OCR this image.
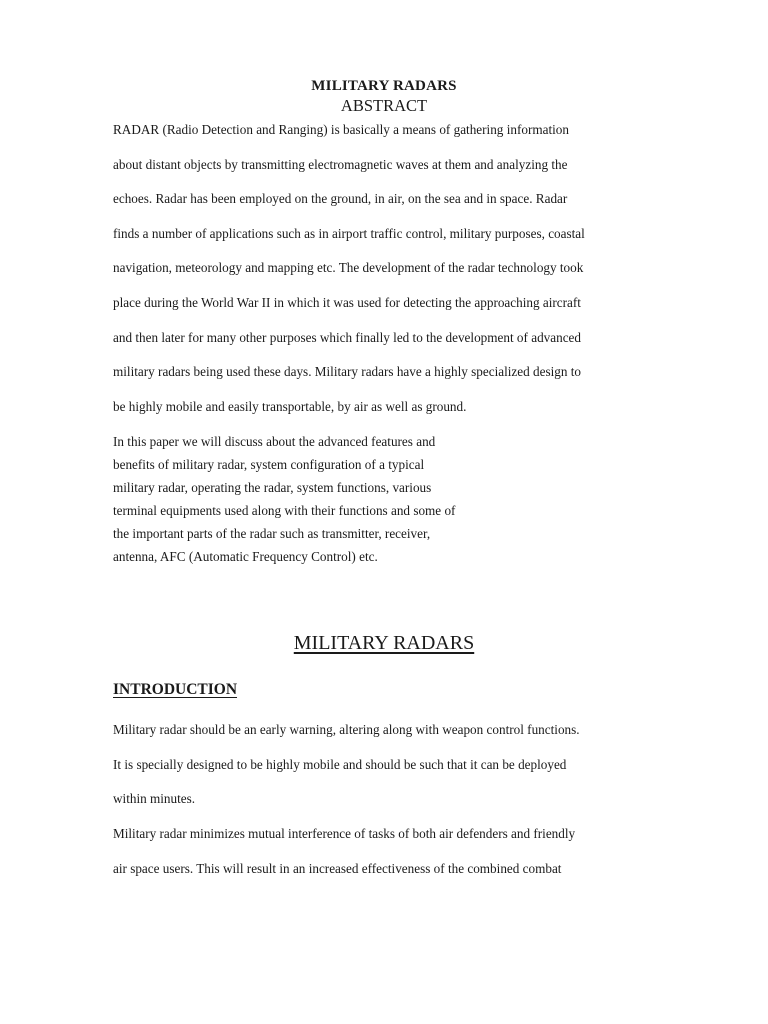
MILITARY RADARS
ABSTRACT

RADAR (Radio Detection and Ranging) is basically a means of gathering information
about distant objects by transmitting electromagnetic waves at them and analyzing the
echoes. Radar has been employed on the ground, in air, on the sea and in space. Radar
finds a number of applications such as in airport traffic control, military purposes, coastal
navigation, meteorology and mapping etc. The development of the radar technology took
place during the World War II in which it was used for detecting the approaching aircraft
and then later for many other purposes which finally led to the development of advanced
military radars being used these days. Military radars have a highly specialized design to
be highly mobile and easily transportable, by air as well as ground.

In this paper we will discuss about the advanced features and
benefits of military radar, system configuration of a typical
military radar, operating the radar, system functions, various
terminal equipments used along with their functions and some of
the important parts of the radar such as transmitter, receiver,
antenna, AFC (Automatic Frequency Control) etc.

MILITARY RADARS
INTRODUCTION

Military radar should be an early warning, altering along with weapon control functions.
It is specially designed to be highly mobile and should be such that it can be deployed
within minutes.

Military radar minimizes mutual interference of tasks of both air defenders and friendly
air space users. This will result in an increased effectiveness of the combined combat
